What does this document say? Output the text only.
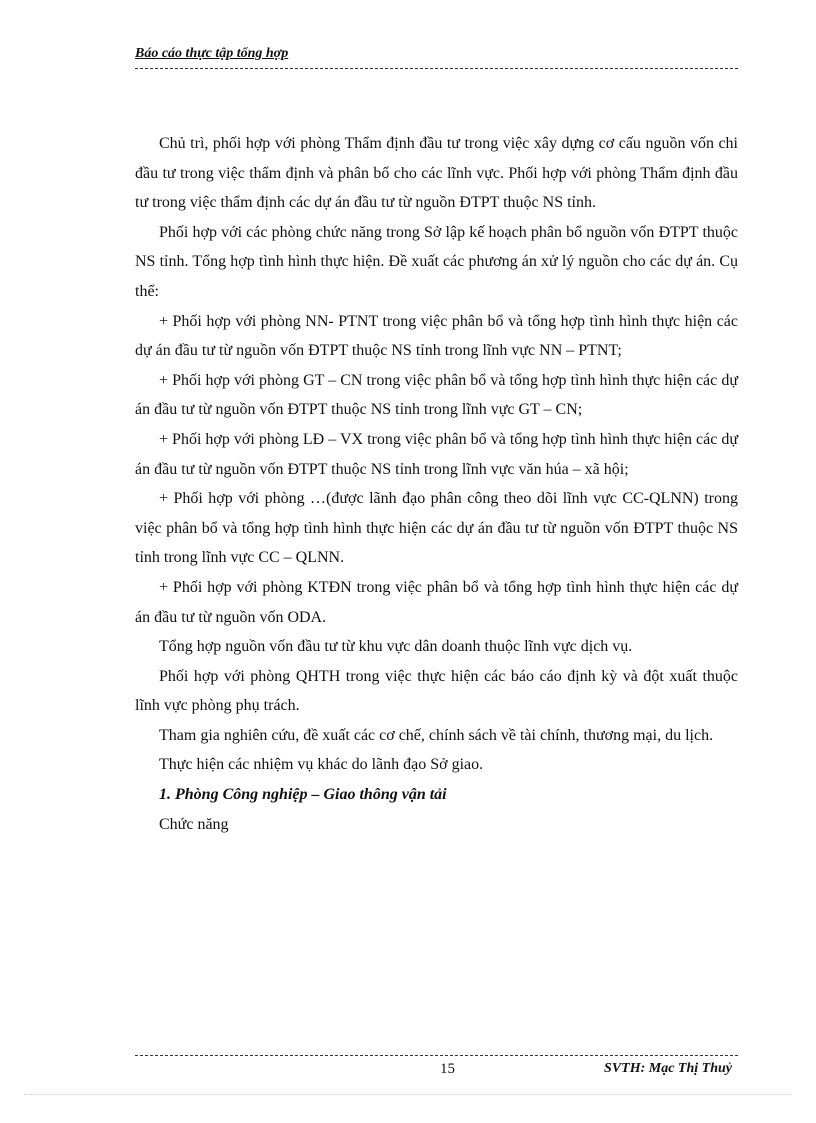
Báo cáo thực tập tổng hợp

Chủ trì, phối hợp với phòng Thẩm định đầu tư trong việc xây dựng cơ cấu nguồn vốn chi đầu tư trong việc thẩm định và phân bổ cho các lĩnh vực. Phối hợp với phòng Thẩm định đầu tư trong việc thẩm định các dự án đầu tư từ nguồn ĐTPT thuộc NS tỉnh.

Phối hợp với các phòng chức năng trong Sở lập kế hoạch phân bổ nguồn vốn ĐTPT thuộc NS tỉnh. Tổng hợp tình hình thực hiện. Đề xuất các phương án xử lý nguồn cho các dự án. Cụ thể:

+ Phối hợp với phòng NN- PTNT trong việc phân bổ và tổng hợp tình hình thực hiện các dự án đầu tư từ nguồn vốn ĐTPT thuộc NS tỉnh trong lĩnh vực NN – PTNT;

+ Phối hợp với phòng GT – CN trong việc phân bổ và tổng hợp tình hình thực hiện các dự án đầu tư từ nguồn vốn ĐTPT thuộc NS tỉnh trong lĩnh vực GT – CN;

+ Phối hợp với phòng LĐ – VX trong việc phân bổ và tổng hợp tình hình thực hiện các dự án đầu tư từ nguồn vốn ĐTPT thuộc NS tỉnh trong lĩnh vực văn húa – xã hội;

+ Phối hợp với phòng …(được lãnh đạo phân công theo dõi lĩnh vực CC-QLNN) trong việc phân bổ và tổng hợp tình hình thực hiện các dự án đầu tư từ nguồn vốn ĐTPT thuộc NS tỉnh trong lĩnh vực CC – QLNN.

+ Phối hợp với phòng KTĐN trong việc phân bổ và tổng hợp tình hình thực hiện các dự án đầu tư từ nguồn vốn ODA.

Tổng hợp nguồn vốn đầu tư từ khu vực dân doanh thuộc lĩnh vực dịch vụ.

Phối hợp với phòng QHTH trong việc thực hiện các báo cáo định kỳ và đột xuất thuộc lĩnh vực phòng phụ trách.

Tham gia nghiên cứu, đề xuất các cơ chế, chính sách về tài chính, thương mại, du lịch.

Thực hiện các nhiệm vụ khác do lãnh đạo Sở giao.

1. Phòng Công nghiệp – Giao thông vận tải

Chức năng

15	SVTH: Mạc Thị Thuỷ
